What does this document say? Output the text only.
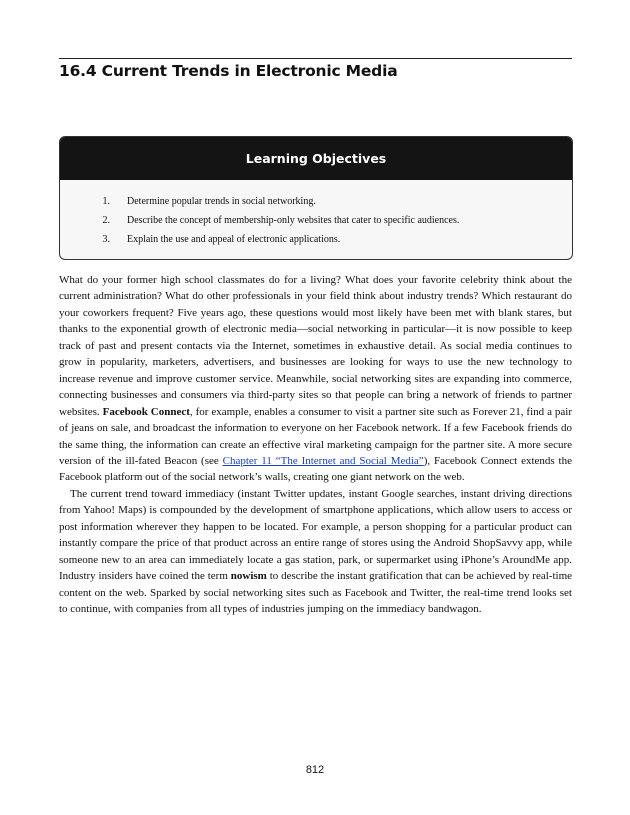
16.4 Current Trends in Electronic Media
Learning Objectives
1.	Determine popular trends in social networking.
2.	Describe the concept of membership-only websites that cater to specific audiences.
3.	Explain the use and appeal of electronic applications.

What do your former high school classmates do for a living? What does your favorite celebrity think about the current administration? What do other professionals in your field think about industry trends? Which restaurant do your coworkers frequent? Five years ago, these questions would most likely have been met with blank stares, but thanks to the exponential growth of electronic media—social networking in particular—it is now possible to keep track of past and present contacts via the Internet, sometimes in exhaustive detail. As social media continues to grow in popularity, marketers, advertisers, and businesses are looking for ways to use the new technology to increase revenue and improve customer service. Meanwhile, social networking sites are expanding into commerce, connecting businesses and consumers via third-party sites so that people can bring a network of friends to partner websites. Facebook Connect, for example, enables a consumer to visit a partner site such as Forever 21, find a pair of jeans on sale, and broadcast the information to everyone on her Facebook network. If a few Facebook friends do the same thing, the information can create an effective viral marketing campaign for the partner site. A more secure version of the ill-fated Beacon (see Chapter 11 “The Internet and Social Media”), Facebook Connect extends the Facebook platform out of the social network’s walls, creating one giant network on the web.

The current trend toward immediacy (instant Twitter updates, instant Google searches, instant driving directions from Yahoo! Maps) is compounded by the development of smartphone applications, which allow users to access or post information wherever they happen to be located. For example, a person shopping for a particular product can instantly compare the price of that product across an entire range of stores using the Android ShopSavvy app, while someone new to an area can immediately locate a gas station, park, or supermarket using iPhone’s AroundMe app. Industry insiders have coined the term nowism to describe the instant gratification that can be achieved by real-time content on the web. Sparked by social networking sites such as Facebook and Twitter, the real-time trend looks set to continue, with companies from all types of industries jumping on the immediacy bandwagon.

812
